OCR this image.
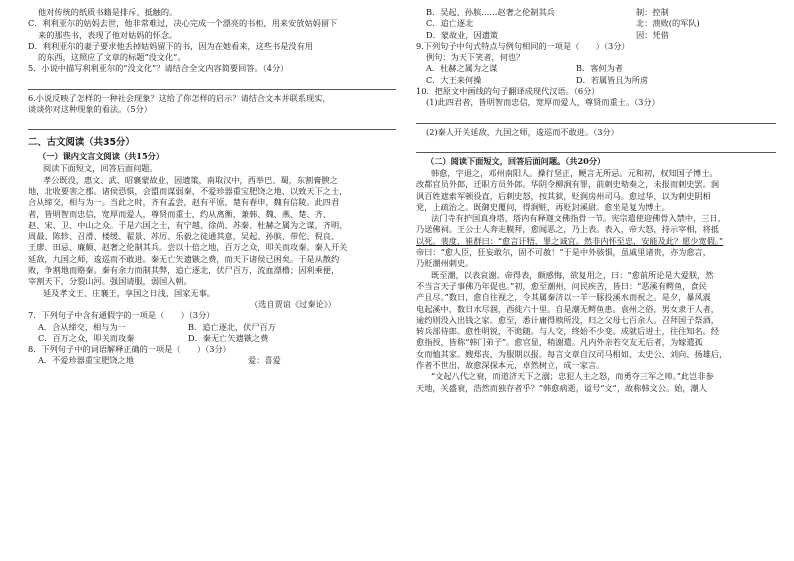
他对传统的纸质书籍是排斥、抵触的。
C．利利亚尔的姑妈去世，他非常难过，决心完成一个漂亮的书柜，用来安放姑妈留下
来的那些书，表现了他对姑妈的怀念。
D．利利亚尔的妻子要求他丢掉姑妈留下的书，因为在她看来，这些书是没有用
的东西，这照应了文章的标题“没文化”。
5．小说中描写利利亚尔的“没文化”？请结合全文内容简要回答。（4分）
6.小说反映了怎样的一种社会现象？这给了你怎样的启示？请结合文本并联系现实，
谈谈你对这种现象的看法。（5分）
二、古文阅读（共35分）
（一）课内文言文阅读（共15分）
阅读下面短文，回答后面问题。
孝公既没，惠文、武、昭襄蒙故业，因遗策，南取汉中，西举巴、蜀，东割膏腴之
地，北收要害之郡。诸侯恐惧，会盟而谋弱秦，不爱珍器重宝肥饶之地，以致天下之士，
合从缔交，相与为一。当此之时，齐有孟尝，赵有平原，楚有春申，魏有信陵。此四君
者，皆明智而忠信，宽厚而爱人，尊贤而重士，约从离衡，兼韩、魏、燕、楚、齐、
赵、宋、卫、中山之众。于是六国之士，有宁越、徐尚、苏秦、杜赫之属为之谋，齐明、
周最、陈轸、召滑、楼缓、翟景、苏厉、乐毅之徒通其意，吴起、孙膑、带佗、倪良、
王廖、田忌、廉颇、赵奢之伦制其兵。尝以十倍之地，百万之众，叩关而攻秦。秦人开关
延敌，九国之师，逡巡而不敢进。秦无亡矢遗镞之费，而天下诸侯已困矣。于是从散约
败，争割地而赂秦。秦有余力而制其弊，追亡逐北，伏尸百万，流血漂橹；因利乘便，
宰割天下，分裂山河。强国请服，弱国入朝。
延及孝文王、庄襄王，享国之日浅，国家无事。
（选自贾谊《过秦论》）
7．下列句子中含有通假字的一项是（　　）（3分）
A．合从缔交，相与为一	B．追亡逐北，伏尸百万
C．百万之众，叩关而攻秦	D．秦无亡矢遗镞之费
8．下列句子中的词语解释正确的一项是（　　）（3分）
A．不爱珍器重宝肥饶之地	爱：喜爱
B．吴起、孙膑……赵奢之伦制其兵	制：控制
C．追亡逐北	北：溃败(的军队)
D．蒙故业，因遗策	因：凭借
9.下列句子中句式特点与例句相同的一项是（　　）（3分）
例句：为天下笑者，何也？
A．杜赫之属为之谋	B．客何为者
C．大王来何操	D．若属皆且为所虏
10．把原文中画线的句子翻译成现代汉语。（6分）
(1)此四君者，皆明智而忠信，宽厚而爱人，尊贤而重士。（3分）
(2)秦人开关延敌，九国之师，逡巡而不敢进。（3分）
（二）阅读下面短文，回答后面问题。（共20分）
韩愈，字退之，邓州南阳人。操行坚正，鲠言无所忌。元和初，权知国子博士。
改都官员外郎，迁职方员外郎。华阴令柳涧有罪，前刺史劾奏之，未报而刺史罢。涧
讽百姓遮索军顿役直，后刺史怒，按其狱，贬涧房州司马。愈过华，以为刺史阴相
党，上疏治之。既御史覆问，得涧赃，再贬封溪尉。愈坐是复为博士。
法门寺有护国真身塔，塔内有释迦文佛指骨一节。宪宗遣使迎佛骨入禁中，三日，
乃送佛祠。王公士人奔走膜拜，愈闻恶之，乃上表。表入，帝大怒，持示宰相，将抵
以死。裴度、崔群曰：“愈言讦牾，罪之诚宜。然非内怀至忠，安能及此？愿少宽假。”
帝曰：“愈人臣，狂妄敢尔，固不可赦！”于是中外骇惧，虽戚里诸贵，亦为愈言，
乃贬潮州刺史。
既至潮，以表哀谢。帝得表，颇感悔，欲复用之，曰：“愈前所论是大爱朕，然
不当言天子事佛乃年促也。”初，愈至潮州，问民疾苦，皆曰：“恶溪有鳄鱼，食民
产且尽。”数日，愈自往视之，令其属秦济以一羊一豚投溪水而祝之。是夕，暴风震
电起溪中，数日水尽涸，西徙六十里。自是潮无鳄鱼患。袁州之俗，男女隶于人者，
逾约则没入出钱之家。愈至，悉计庸得赎所没，归之父母七百余人。召拜国子祭酒，
转兵部侍郎。愈性明锐，不诡随。与人交，终始不少变。成就后进士，往往知名。经
愈指授，皆称“韩门弟子”。愈官显，稍谢遣。凡内外亲若交友无后者，为嫁遣孤
女而恤其家。嫂郑丧，为服期以报。每言文章自汉司马相如、太史公、刘向、扬雄后，
作者不世出，故愈深探本元，卓然树立，成一家言。
“文起八代之衰，而道济天下之溺；忠犯人主之怒，而勇夺三军之帅。”此岂非参
天地，关盛衰，浩然而独存者乎？”韩愈病逝，谥号“文”，故称韩文公。始，潮人
